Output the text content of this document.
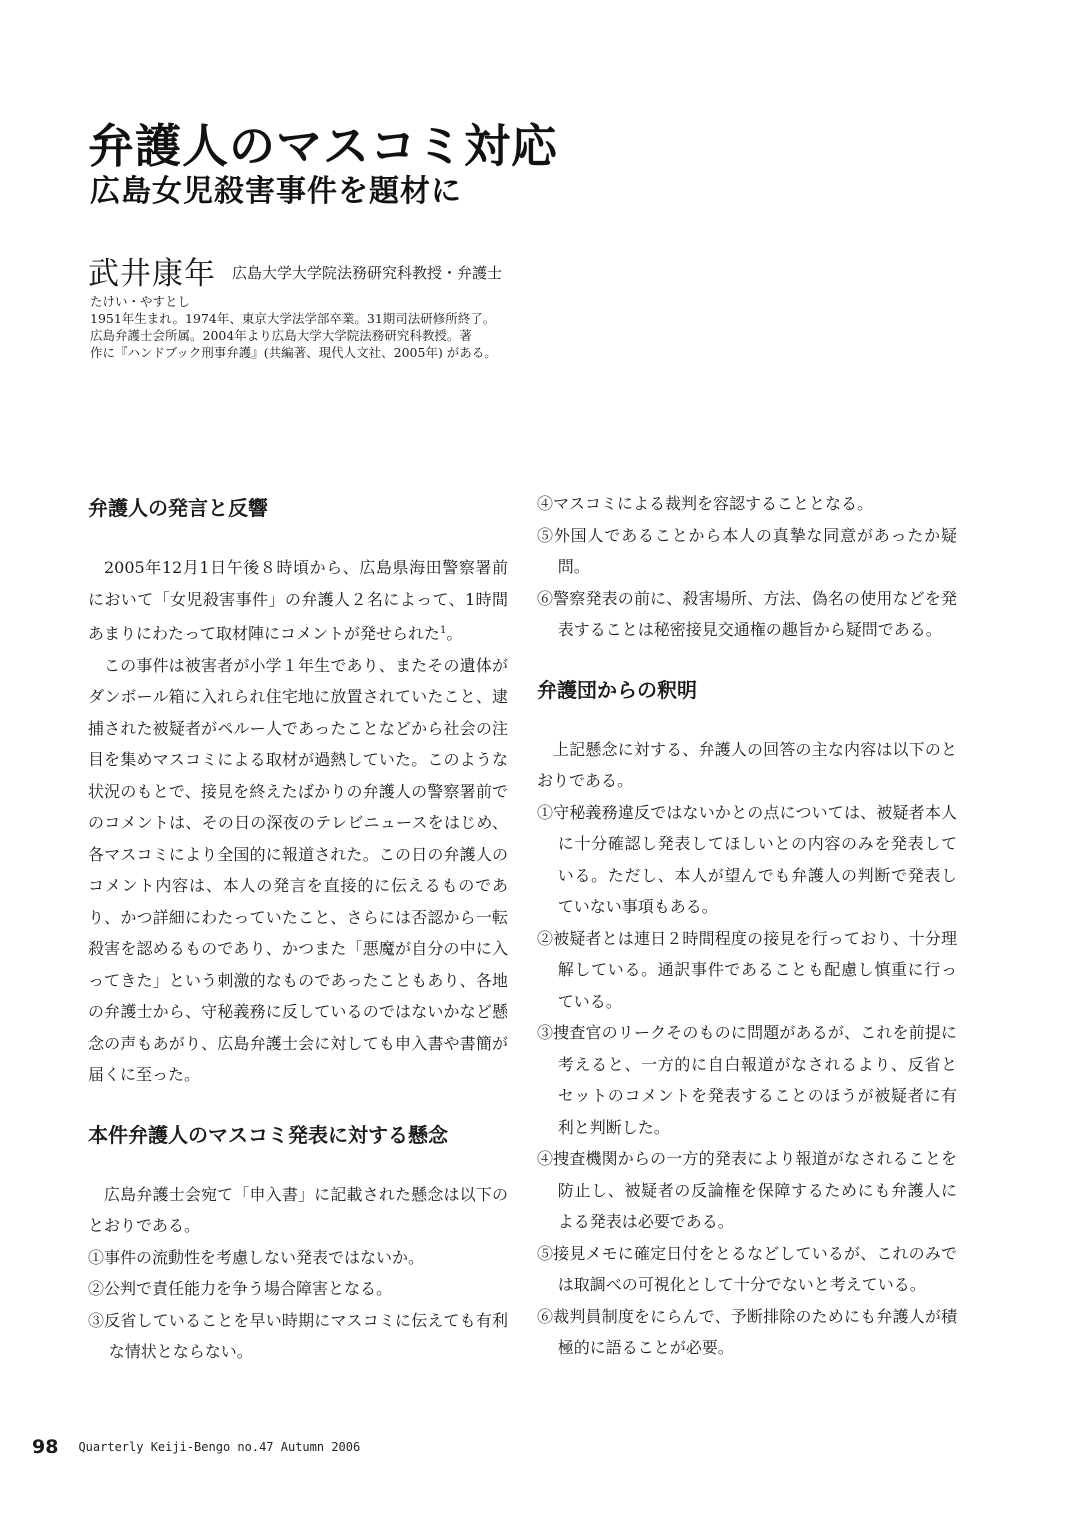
弁護人のマスコミ対応
広島女児殺害事件を題材に
武井康年 広島大学大学院法務研究科教授・弁護士
たけい・やすとし
1951年生まれ。1974年、東京大学法学部卒業。31期司法研修所終了。
広島弁護士会所属。2004年より広島大学大学院法務研究科教授。著
作に『ハンドブック刑事弁護』(共編著、現代人文社、2005年) がある。
弁護人の発言と反響

2005年12月1日午後８時頃から、広島県海田警察署前において「女児殺害事件」の弁護人２名によって、1時間あまりにわたって取材陣にコメントが発せられた$^1$。

この事件は被害者が小学１年生であり、またその遺体がダンボール箱に入れられ住宅地に放置されていたこと、逮捕された被疑者がペルー人であったことなどから社会の注目を集めマスコミによる取材が過熱していた。このような状況のもとで、接見を終えたばかりの弁護人の警察署前でのコメントは、その日の深夜のテレビニュースをはじめ、各マスコミにより全国的に報道された。この日の弁護人のコメント内容は、本人の発言を直接的に伝えるものであり、かつ詳細にわたっていたこと、さらには否認から一転殺害を認めるものであり、かつまた「悪魔が自分の中に入ってきた」という刺激的なものであったこともあり、各地の弁護士から、守秘義務に反しているのではないかなど懸念の声もあがり、広島弁護士会に対しても申入書や書簡が届くに至った。

本件弁護人のマスコミ発表に対する懸念

広島弁護士会宛て「申入書」に記載された懸念は以下のとおりである。

①事件の流動性を考慮しない発表ではないか。

②公判で責任能力を争う場合障害となる。

③反省していることを早い時期にマスコミに伝えても有利な情状とならない。

④マスコミによる裁判を容認することとなる。

⑤外国人であることから本人の真摯な同意があったか疑問。

⑥警察発表の前に、殺害場所、方法、偽名の使用などを発表することは秘密接見交通権の趣旨から疑問である。

弁護団からの釈明

上記懸念に対する、弁護人の回答の主な内容は以下のとおりである。

①守秘義務違反ではないかとの点については、被疑者本人に十分確認し発表してほしいとの内容のみを発表している。ただし、本人が望んでも弁護人の判断で発表していない事項もある。

②被疑者とは連日２時間程度の接見を行っており、十分理解している。通訳事件であることも配慮し慎重に行っている。

③捜査官のリークそのものに問題があるが、これを前提に考えると、一方的に自白報道がなされるより、反省とセットのコメントを発表することのほうが被疑者に有利と判断した。

④捜査機関からの一方的発表により報道がなされることを防止し、被疑者の反論権を保障するためにも弁護人による発表は必要である。

⑤接見メモに確定日付をとるなどしているが、これのみでは取調べの可視化として十分でないと考えている。

⑥裁判員制度をにらんで、予断排除のためにも弁護人が積極的に語ることが必要。

98 Quarterly Keiji-Bengo no.47 Autumn 2006
